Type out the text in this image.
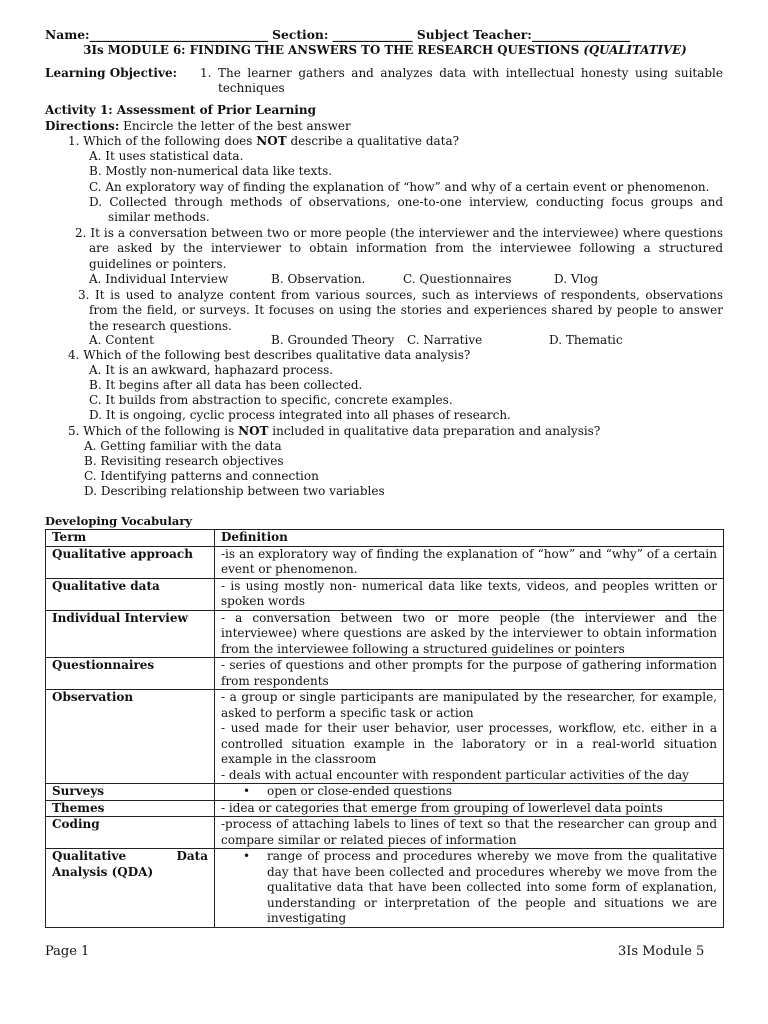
Name:_____________________________ Section: _____________ Subject Teacher:________________
3Is MODULE 6: FINDING THE ANSWERS TO THE RESEARCH QUESTIONS (QUALITATIVE)
Learning Objective: 1. The learner gathers and analyzes data with intellectual honesty using suitable techniques
Activity 1: Assessment of Prior Learning
Directions: Encircle the letter of the best answer
1. Which of the following does NOT describe a qualitative data?
A. It uses statistical data.
B. Mostly non-numerical data like texts.
C. An exploratory way of finding the explanation of “how” and why of a certain event or phenomenon.
D. Collected through methods of observations, one-to-one interview, conducting focus groups and similar methods.
2. It is a conversation between two or more people (the interviewer and the interviewee) where questions are asked by the interviewer to obtain information from the interviewee following a structured guidelines or pointers.
A. Individual Interview	B. Observation.	C. Questionnaires	D. Vlog
3. It is used to analyze content from various sources, such as interviews of respondents, observations from the field, or surveys. It focuses on using the stories and experiences shared by people to answer the research questions.
A. Content	B. Grounded Theory C. Narrative	D. Thematic
4. Which of the following best describes qualitative data analysis?
A. It is an awkward, haphazard process.
B. It begins after all data has been collected.
C. It builds from abstraction to specific, concrete examples.
D. It is ongoing, cyclic process integrated into all phases of research.
5. Which of the following is NOT included in qualitative data preparation and analysis?
A. Getting familiar with the data
B. Revisiting research objectives
C. Identifying patterns and connection
D. Describing relationship between two variables
Developing Vocabulary
Term	Definition
Qualitative approach	-is an exploratory way of finding the explanation of “how” and “why” of a certain event or phenomenon.

Qualitative data	- is using mostly non- numerical data like texts, videos, and peoples written or spoken words

Individual Interview	- a conversation between two or more people (the interviewer and the interviewee) where questions are asked by the interviewer to obtain information from the interviewee following a structured guidelines or pointers

Questionnaires	- series of questions and other prompts for the purpose of gathering information from respondents

Observation	- a group or single participants are manipulated by the researcher, for example, asked to perform a specific task or action
- used made for their user behavior, user processes, workflow, etc. either in a controlled situation example in the laboratory or in a real-world situation example in the classroom
- deals with actual encounter with respondent particular activities of the day

Surveys	• open or close-ended questions

Themes	- idea or categories that emerge from grouping of lowerlevel data points

Coding	-process of attaching labels to lines of text so that the researcher can group and compare similar or related pieces of information

Qualitative Data Analysis (QDA)	• range of process and procedures whereby we move from the qualitative day that have been collected and procedures whereby we move from the qualitative data that have been collected into some form of explanation, understanding or interpretation of the people and situations we are investigating
Page 1	3Is Module 5
